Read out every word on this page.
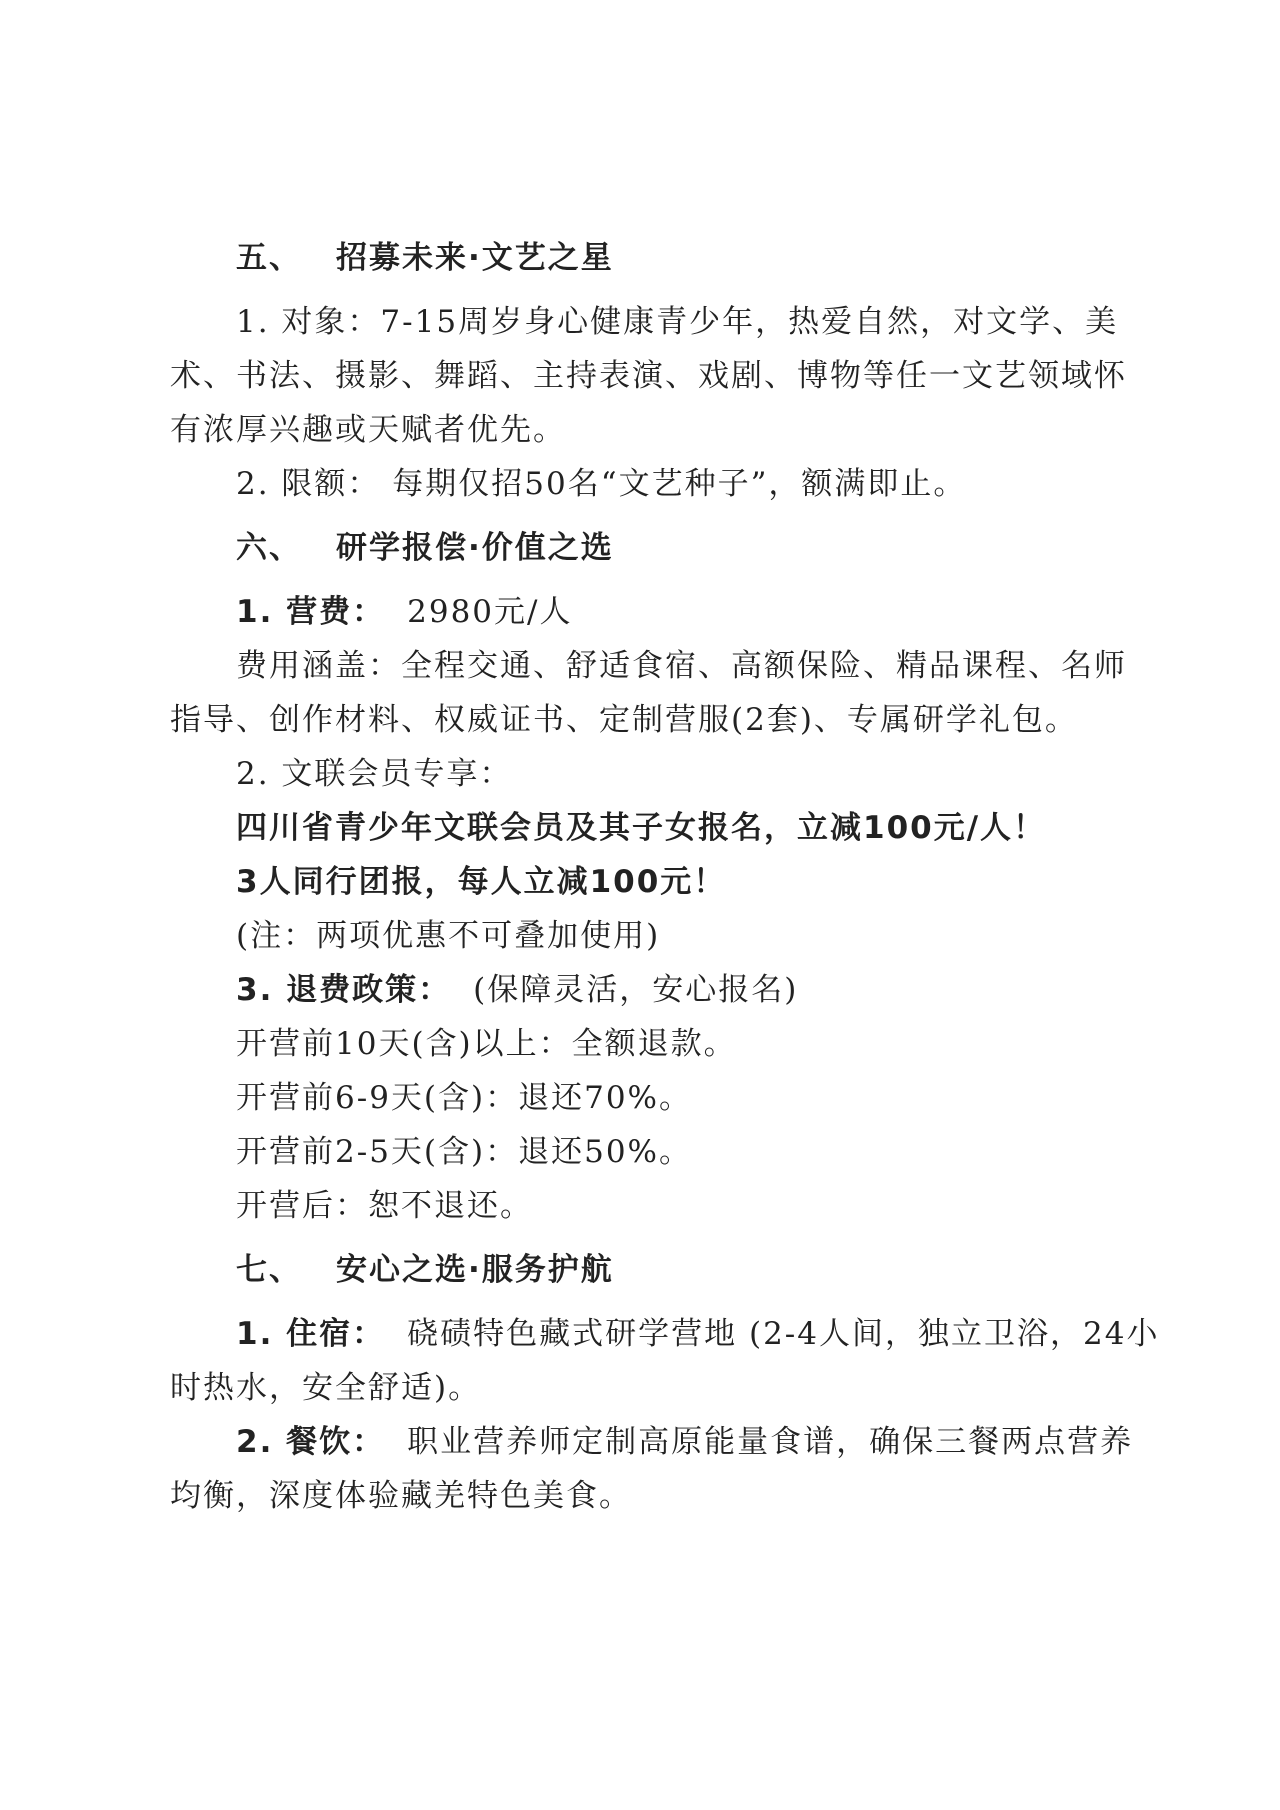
五、 招募未来·文艺之星
1. 对象：7-15周岁身心健康青少年，热爱自然，对文学、美
术、书法、摄影、舞蹈、主持表演、戏剧、博物等任一文艺领域怀
有浓厚兴趣或天赋者优先。
2. 限额： 每期仅招50名“文艺种子”，额满即止。
六、 研学报偿·价值之选
1. 营费： 2980元/人
费用涵盖：全程交通、舒适食宿、高额保险、精品课程、名师
指导、创作材料、权威证书、定制营服(2套)、专属研学礼包。
2. 文联会员专享：
四川省青少年文联会员及其子女报名，立减100元/人！
3人同行团报，每人立减100元！
(注：两项优惠不可叠加使用)
3. 退费政策： (保障灵活，安心报名)
开营前10天(含)以上：全额退款。
开营前6-9天(含)：退还70%。
开营前2-5天(含)：退还50%。
开营后：恕不退还。
七、 安心之选·服务护航
1. 住宿： 硗碛特色藏式研学营地 (2-4人间，独立卫浴，24小
时热水，安全舒适)。
2. 餐饮： 职业营养师定制高原能量食谱，确保三餐两点营养
均衡，深度体验藏羌特色美食。
